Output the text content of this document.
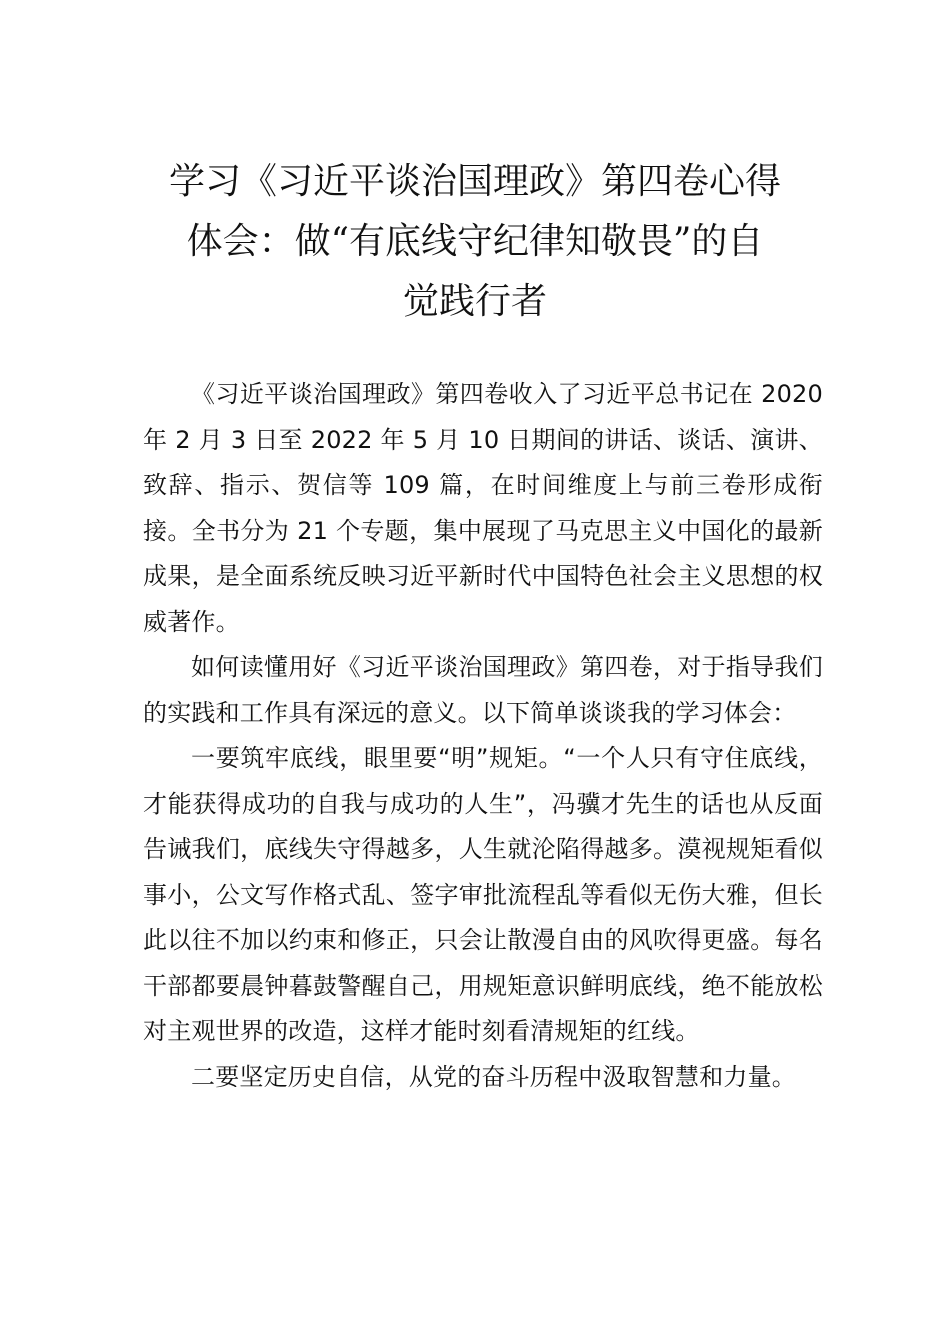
学习《习近平谈治国理政》第四卷心得
体会：做“有底线守纪律知敬畏”的自
觉践行者

《习近平谈治国理政》第四卷收入了习近平总书记在 2020 年 2 月 3 日至 2022 年 5 月 10 日期间的讲话、谈话、演讲、致辞、指示、贺信等 109 篇，在时间维度上与前三卷形成衔接。全书分为 21 个专题，集中展现了马克思主义中国化的最新成果，是全面系统反映习近平新时代中国特色社会主义思想的权威著作。

如何读懂用好《习近平谈治国理政》第四卷，对于指导我们的实践和工作具有深远的意义。以下简单谈谈我的学习体会：

一要筑牢底线，眼里要“明”规矩。“一个人只有守住底线，才能获得成功的自我与成功的人生”，冯骥才先生的话也从反面告诫我们，底线失守得越多，人生就沦陷得越多。漠视规矩看似事小，公文写作格式乱、签字审批流程乱等看似无伤大雅，但长此以往不加以约束和修正，只会让散漫自由的风吹得更盛。每名干部都要晨钟暮鼓警醒自己，用规矩意识鲜明底线，绝不能放松对主观世界的改造，这样才能时刻看清规矩的红线。

二要坚定历史自信，从党的奋斗历程中汲取智慧和力量。
